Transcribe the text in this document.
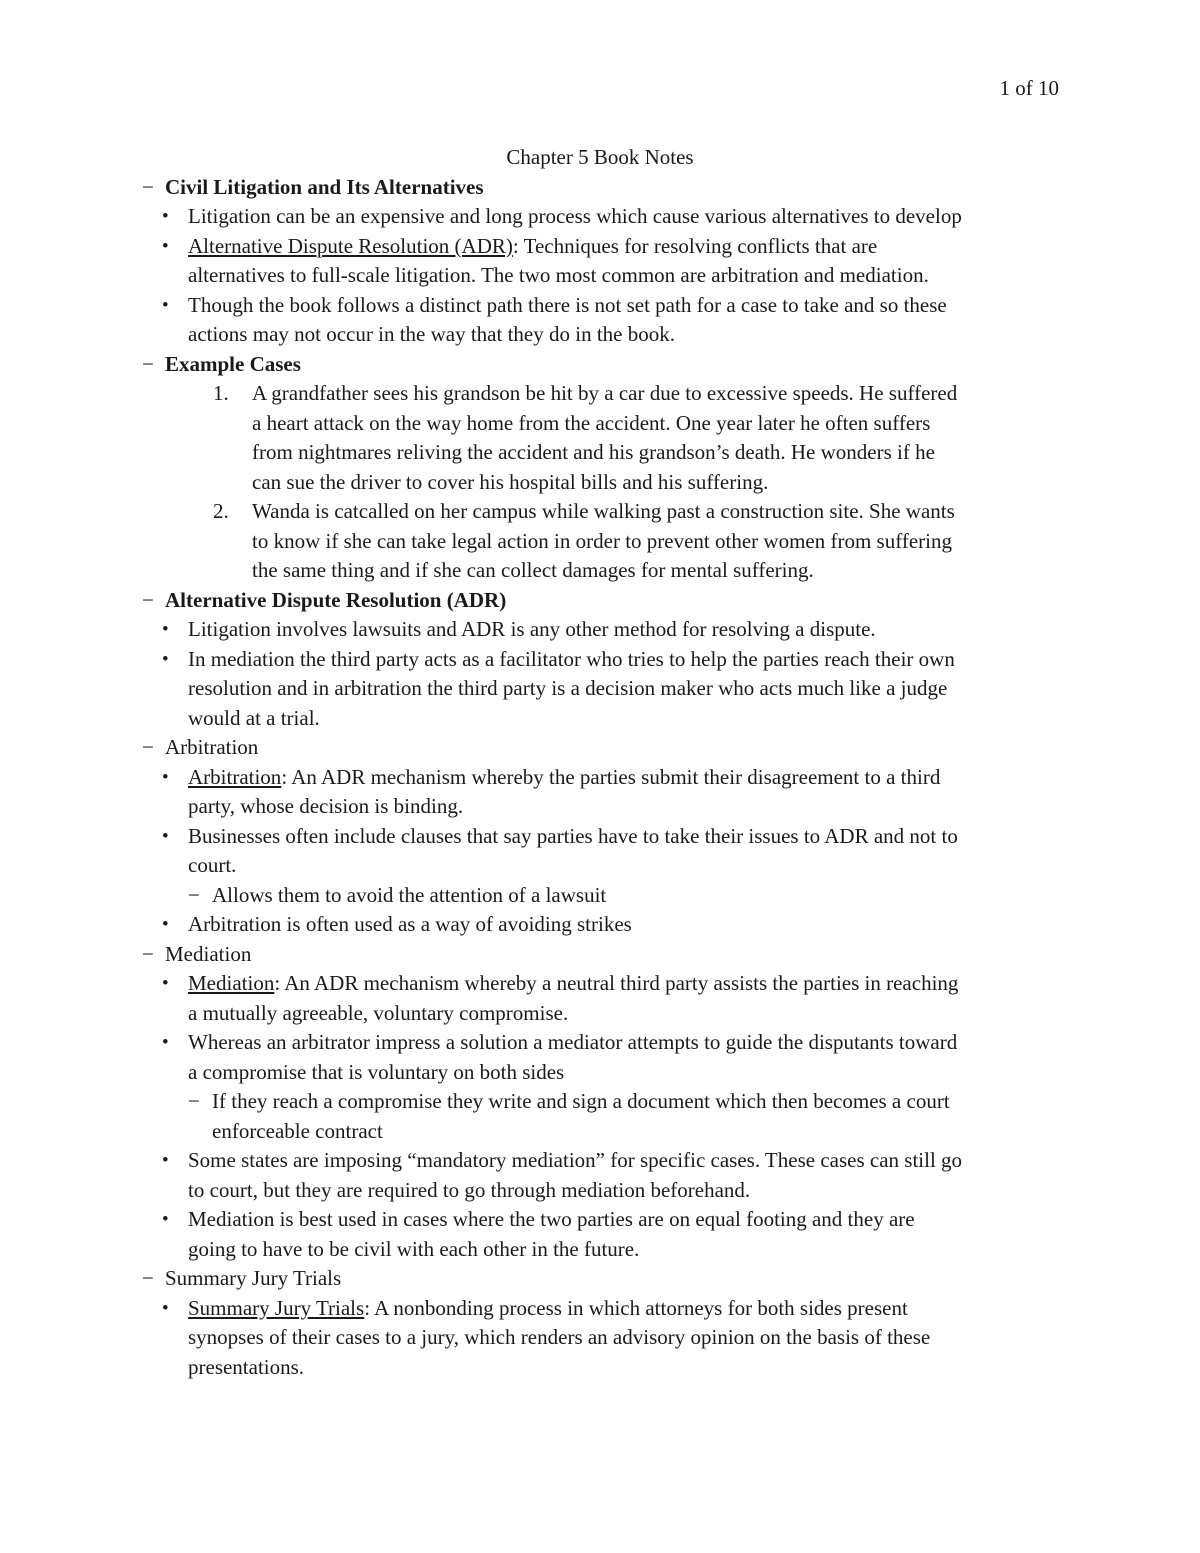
1 of 10
Chapter 5 Book Notes
− Civil Litigation and Its Alternatives
• Litigation can be an expensive and long process which cause various alternatives to develop
• Alternative Dispute Resolution (ADR): Techniques for resolving conflicts that are
alternatives to full-scale litigation. The two most common are arbitration and mediation.
• Though the book follows a distinct path there is not set path for a case to take and so these
actions may not occur in the way that they do in the book.
− Example Cases
1. A grandfather sees his grandson be hit by a car due to excessive speeds. He suffered
a heart attack on the way home from the accident. One year later he often suffers
from nightmares reliving the accident and his grandson’s death. He wonders if he
can sue the driver to cover his hospital bills and his suffering.
2. Wanda is catcalled on her campus while walking past a construction site. She wants
to know if she can take legal action in order to prevent other women from suffering
the same thing and if she can collect damages for mental suffering.
− Alternative Dispute Resolution (ADR)
• Litigation involves lawsuits and ADR is any other method for resolving a dispute.
• In mediation the third party acts as a facilitator who tries to help the parties reach their own
resolution and in arbitration the third party is a decision maker who acts much like a judge
would at a trial.
− Arbitration
• Arbitration: An ADR mechanism whereby the parties submit their disagreement to a third
party, whose decision is binding.
• Businesses often include clauses that say parties have to take their issues to ADR and not to
court.
− Allows them to avoid the attention of a lawsuit
• Arbitration is often used as a way of avoiding strikes
− Mediation
• Mediation: An ADR mechanism whereby a neutral third party assists the parties in reaching
a mutually agreeable, voluntary compromise.
• Whereas an arbitrator impress a solution a mediator attempts to guide the disputants toward
a compromise that is voluntary on both sides
− If they reach a compromise they write and sign a document which then becomes a court
enforceable contract
• Some states are imposing “mandatory mediation” for specific cases. These cases can still go
to court, but they are required to go through mediation beforehand.
• Mediation is best used in cases where the two parties are on equal footing and they are
going to have to be civil with each other in the future.
− Summary Jury Trials
• Summary Jury Trials: A nonbonding process in which attorneys for both sides present
synopses of their cases to a jury, which renders an advisory opinion on the basis of these
presentations.
